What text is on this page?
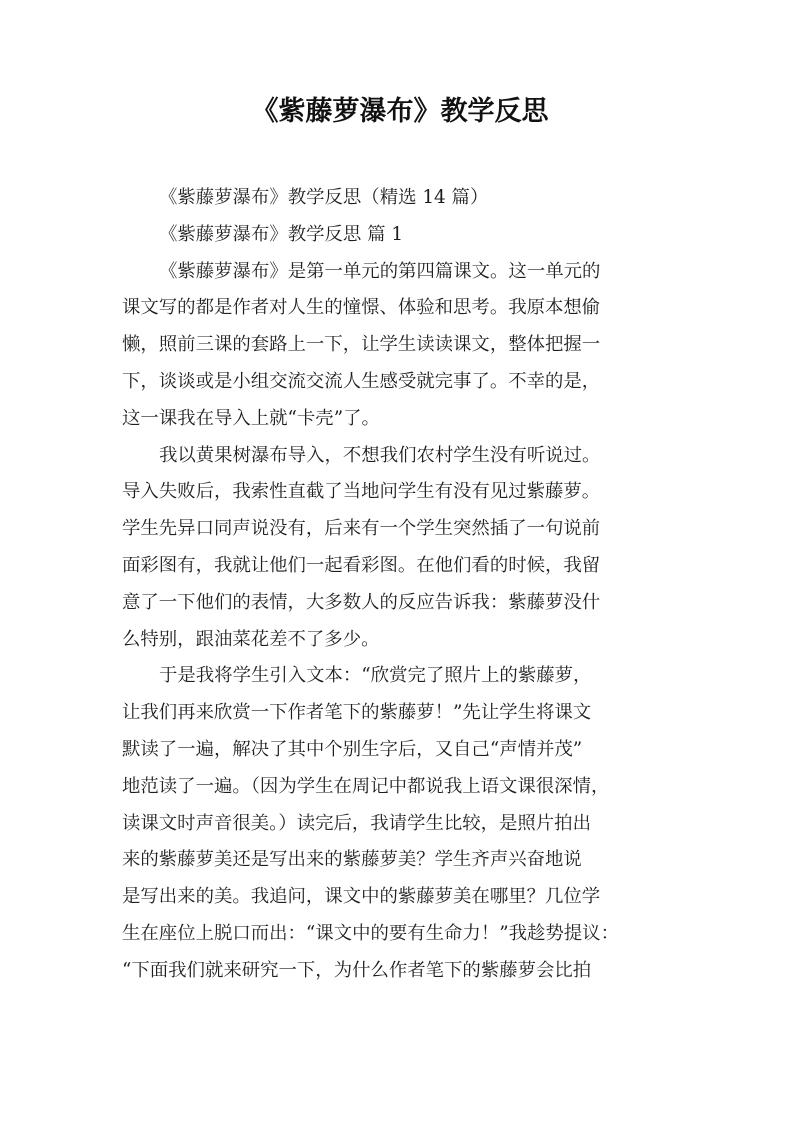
《紫藤萝瀑布》教学反思
《紫藤萝瀑布》教学反思（精选 14 篇）
《紫藤萝瀑布》教学反思 篇 1
《紫藤萝瀑布》是第一单元的第四篇课文。这一单元的
课文写的都是作者对人生的憧憬、体验和思考。我原本想偷
懒，照前三课的套路上一下，让学生读读课文，整体把握一
下，谈谈或是小组交流交流人生感受就完事了。不幸的是，
这一课我在导入上就“卡壳”了。
我以黄果树瀑布导入，不想我们农村学生没有听说过。
导入失败后，我索性直截了当地问学生有没有见过紫藤萝。
学生先异口同声说没有，后来有一个学生突然插了一句说前
面彩图有，我就让他们一起看彩图。在他们看的时候，我留
意了一下他们的表情，大多数人的反应告诉我：紫藤萝没什
么特别，跟油菜花差不了多少。
于是我将学生引入文本：“欣赏完了照片上的紫藤萝，
让我们再来欣赏一下作者笔下的紫藤萝！”先让学生将课文
默读了一遍，解决了其中个别生字后，又自己“声情并茂”
地范读了一遍。（因为学生在周记中都说我上语文课很深情，
读课文时声音很美。）读完后，我请学生比较，是照片拍出
来的紫藤萝美还是写出来的紫藤萝美？学生齐声兴奋地说
是写出来的美。我追问，课文中的紫藤萝美在哪里？几位学
生在座位上脱口而出：“课文中的要有生命力！”我趁势提议：
“下面我们就来研究一下，为什么作者笔下的紫藤萝会比拍
